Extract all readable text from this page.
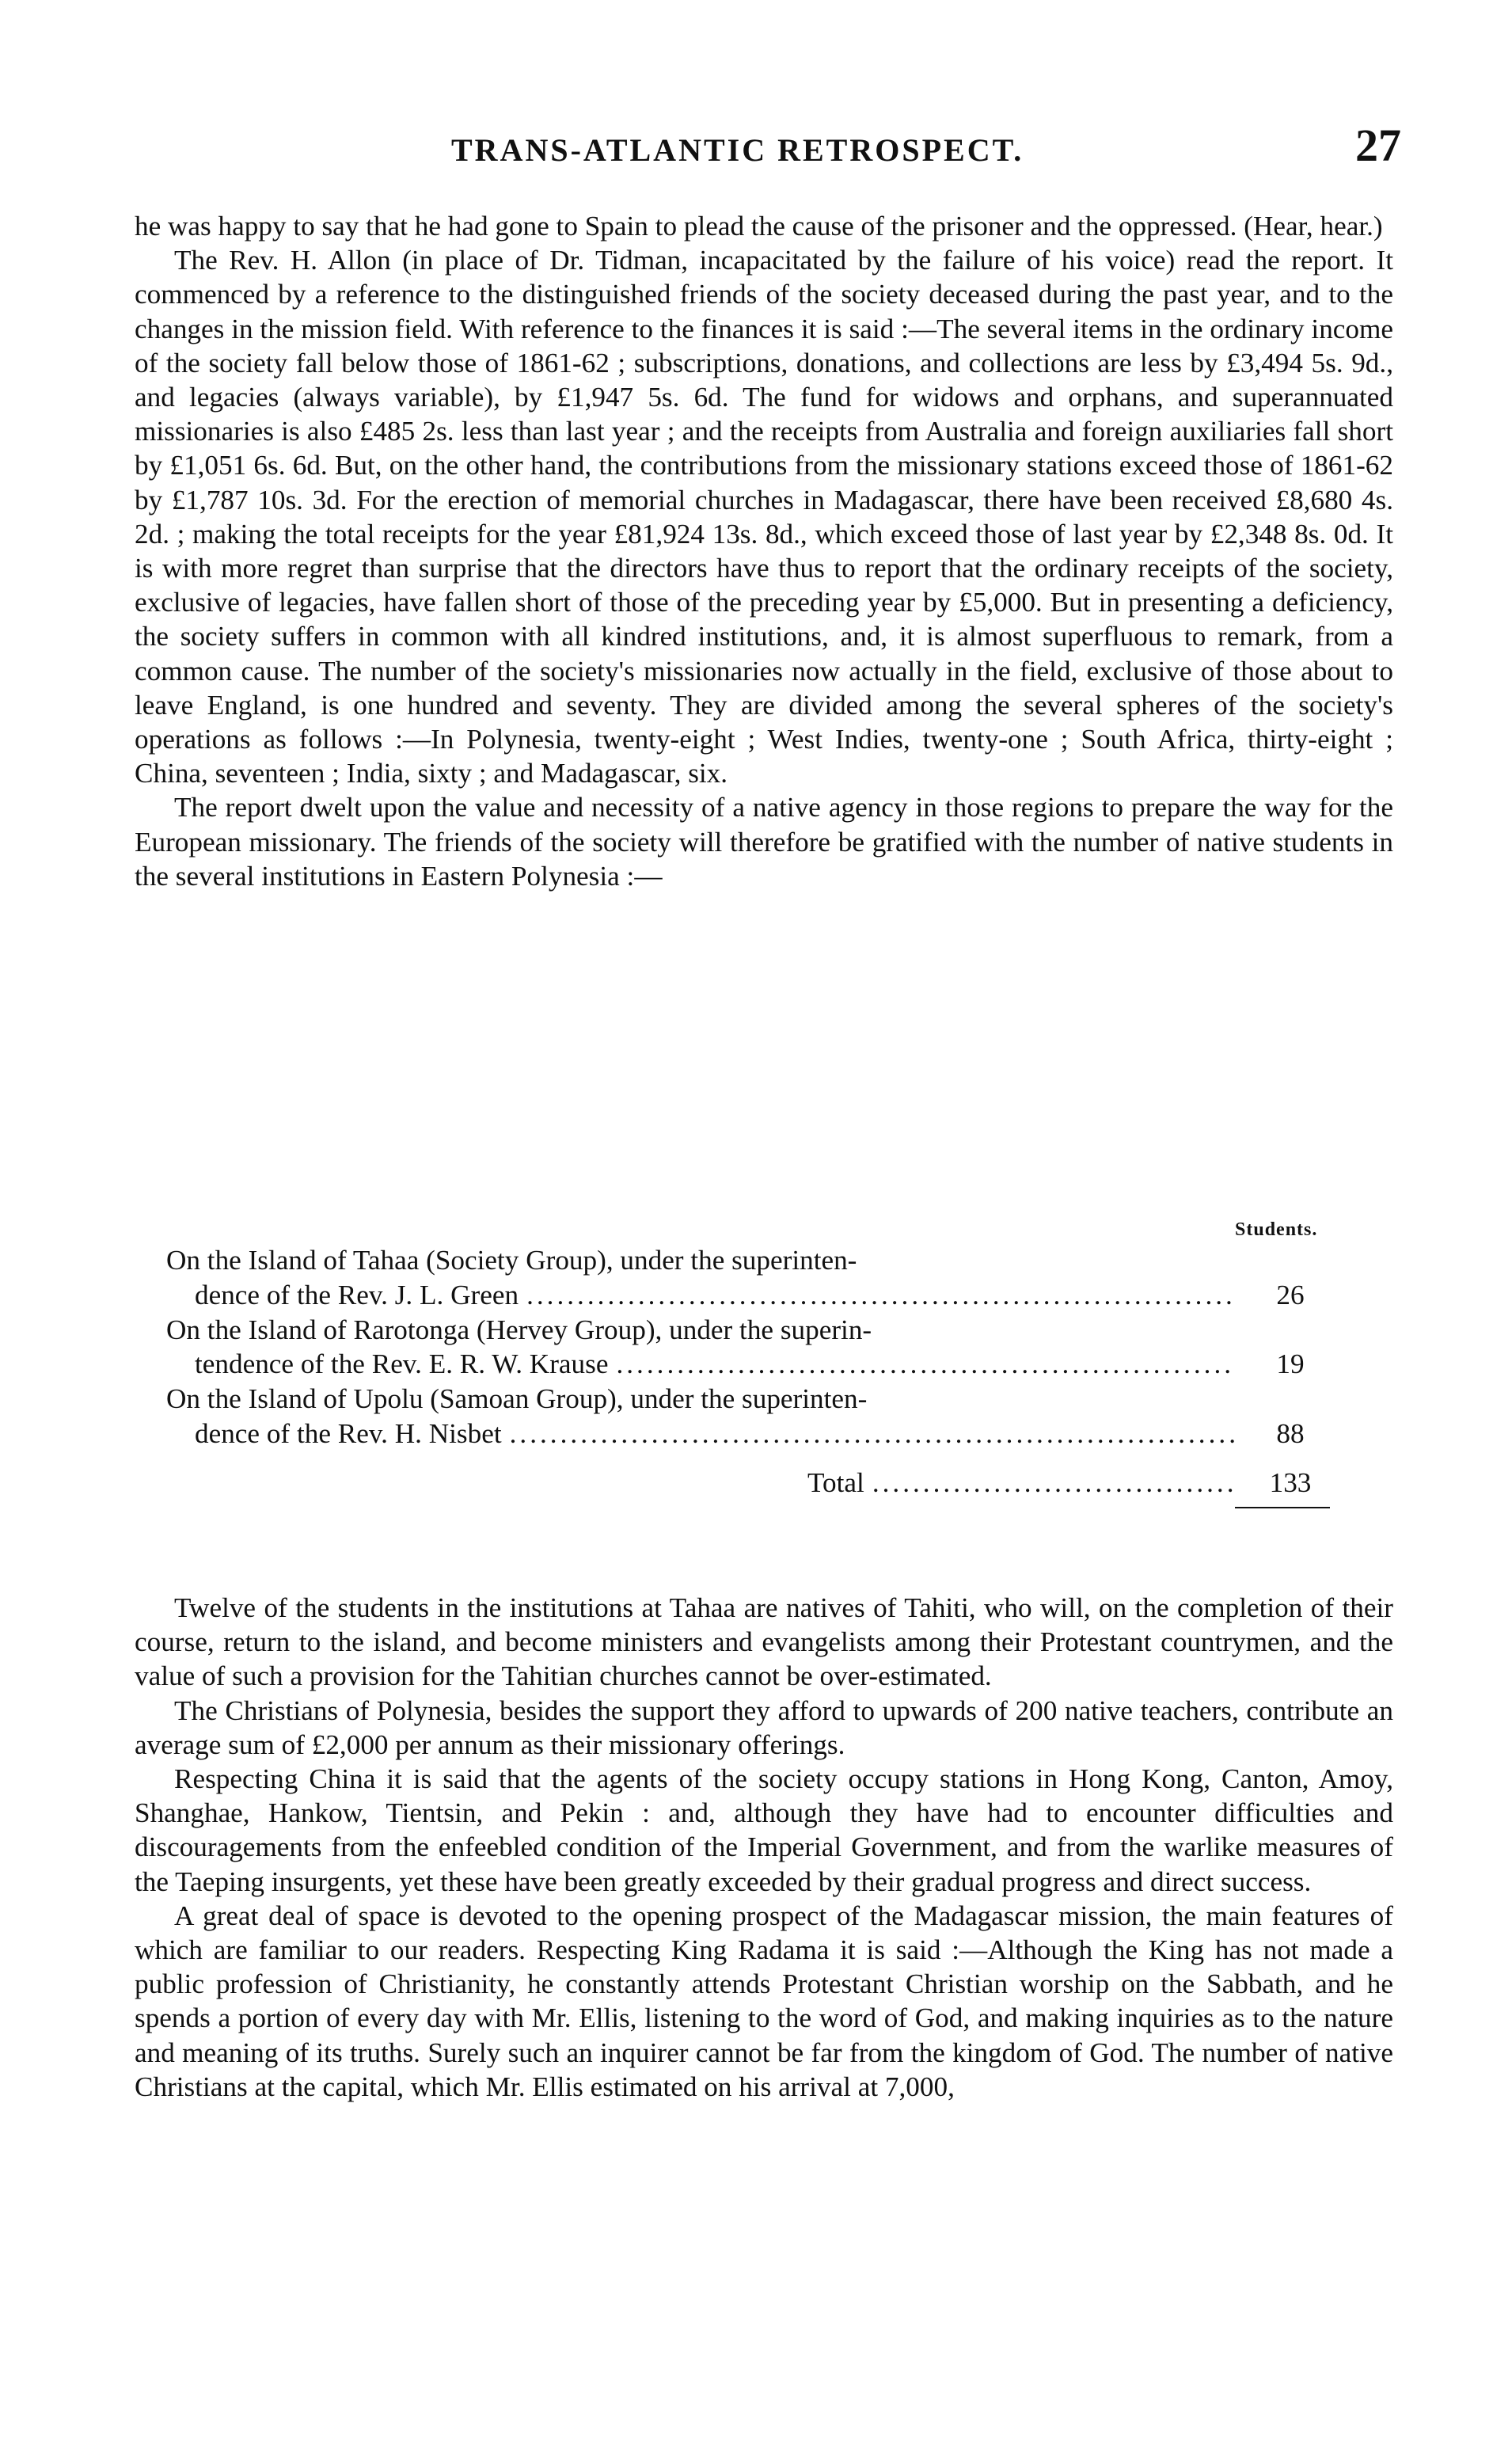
TRANS-ATLANTIC RETROSPECT.	27

he was happy to say that he had gone to Spain to plead the cause of the prisoner and the oppressed. (Hear, hear.)

The Rev. H. Allon (in place of Dr. Tidman, incapacitated by the failure of his voice) read the report. It commenced by a reference to the distinguished friends of the society deceased during the past year, and to the changes in the mission field. With reference to the finances it is said :—The several items in the ordinary income of the society fall below those of 1861-62 ; subscriptions, donations, and collections are less by £3,494 5s. 9d., and legacies (always variable), by £1,947 5s. 6d. The fund for widows and orphans, and superannuated missionaries is also £485 2s. less than last year ; and the receipts from Australia and foreign auxiliaries fall short by £1,051 6s. 6d. But, on the other hand, the contributions from the missionary stations exceed those of 1861-62 by £1,787 10s. 3d. For the erection of memorial churches in Madagascar, there have been received £8,680 4s. 2d. ; making the total receipts for the year £81,924 13s. 8d., which exceed those of last year by £2,348 8s. 0d. It is with more regret than surprise that the directors have thus to report that the ordinary receipts of the society, exclusive of legacies, have fallen short of those of the preceding year by £5,000. But in presenting a deficiency, the society suffers in common with all kindred institutions, and, it is almost superfluous to remark, from a common cause. The number of the society's missionaries now actually in the field, exclusive of those about to leave England, is one hundred and seventy. They are divided among the several spheres of the society's operations as follows :—In Polynesia, twenty-eight ; West Indies, twenty-one ; South Africa, thirty-eight ; China, seventeen ; India, sixty ; and Madagascar, six.

The report dwelt upon the value and necessity of a native agency in those regions to prepare the way for the European missionary. The friends of the society will therefore be gratified with the number of native students in the several institutions in Eastern Polynesia :—

Students.
On the Island of Tahaa (Society Group), under the superinten-
dence of the Rev. J. L. Green .....	26
On the Island of Rarotonga (Hervey Group), under the superin-
tendence of the Rev. E. R. W. Krause .....	19
On the Island of Upolu (Samoan Group), under the superinten-
dence of the Rev. H. Nisbet .....	88
Total .....	133

Twelve of the students in the institutions at Tahaa are natives of Tahiti, who will, on the completion of their course, return to the island, and become ministers and evangelists among their Protestant countrymen, and the value of such a provision for the Tahitian churches cannot be over-estimated.

The Christians of Polynesia, besides the support they afford to upwards of 200 native teachers, contribute an average sum of £2,000 per annum as their missionary offerings.

Respecting China it is said that the agents of the society occupy stations in Hong Kong, Canton, Amoy, Shanghae, Hankow, Tientsin, and Pekin : and, although they have had to encounter difficulties and discouragements from the enfeebled condition of the Imperial Government, and from the warlike measures of the Taeping insurgents, yet these have been greatly exceeded by their gradual progress and direct success.

A great deal of space is devoted to the opening prospect of the Madagascar mission, the main features of which are familiar to our readers. Respecting King Radama it is said :—Although the King has not made a public profession of Christianity, he constantly attends Protestant Christian worship on the Sabbath, and he spends a portion of every day with Mr. Ellis, listening to the word of God, and making inquiries as to the nature and meaning of its truths. Surely such an inquirer cannot be far from the kingdom of God. The number of native Christians at the capital, which Mr. Ellis estimated on his arrival at 7,000,
